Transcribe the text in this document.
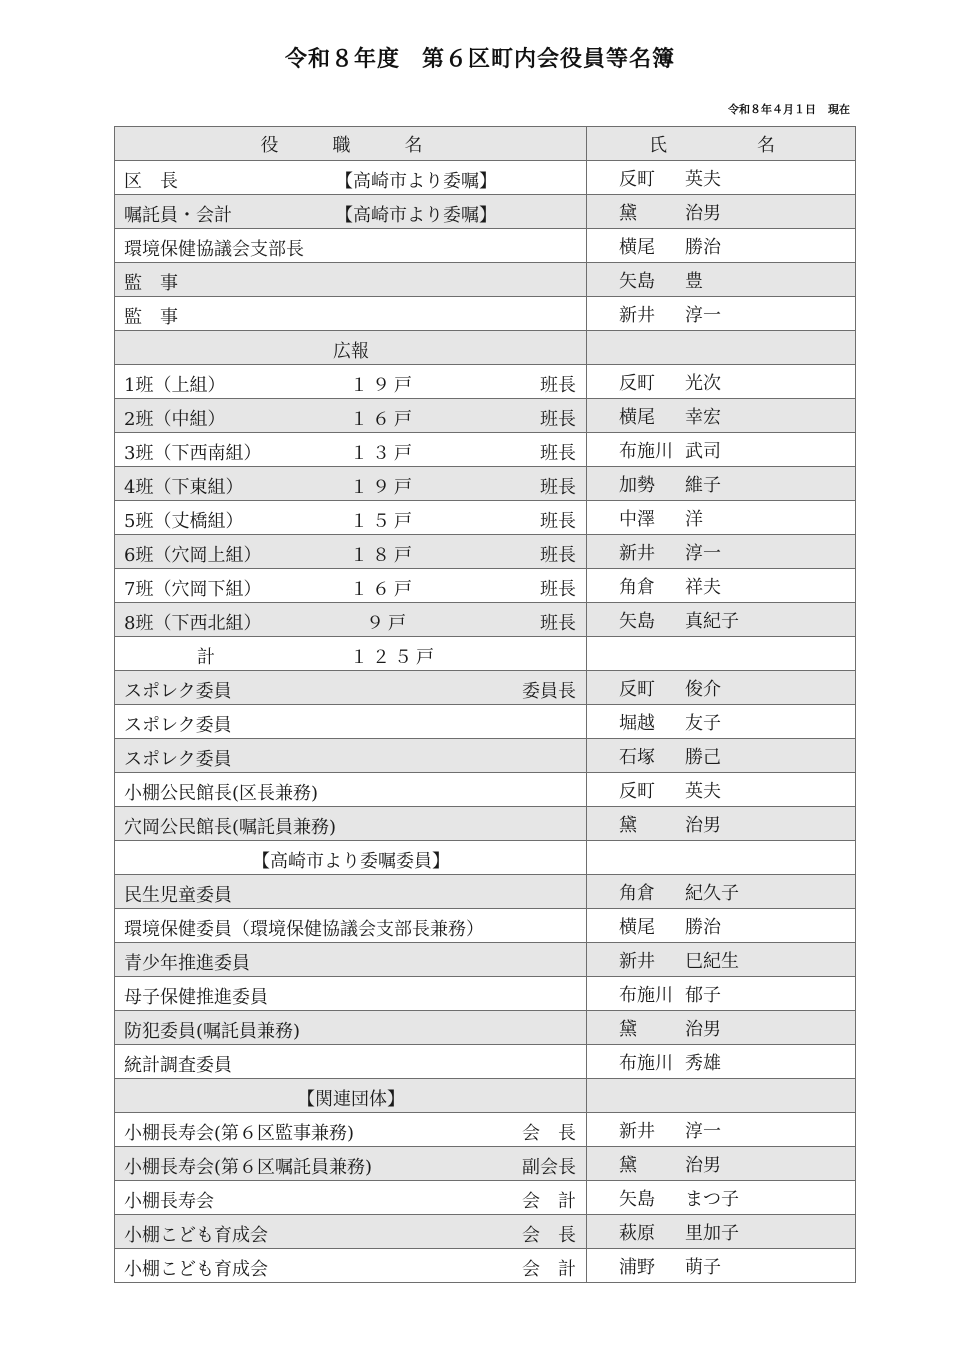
令和８年度 第６区町内会役員等名簿
令和８年４月１日 現在
役　職　名	氏　　名

区　長 【高崎市より委嘱】	反町 英夫

嘱託員・会計 【高崎市より委嘱】	黛 治男

環境保健協議会支部長	横尾 勝治

監　事	矢島 豊

監　事	新井 淳一

広報	

1班（上組） １９戸 班長	反町 光次

2班（中組） １６戸 班長	横尾 幸宏

3班（下西南組） １３戸 班長	布施川 武司

4班（下東組） １９戸 班長	加勢 維子

5班（丈橋組） １５戸 班長	中澤 洋

6班（穴岡上組） １８戸 班長	新井 淳一

7班（穴岡下組） １６戸 班長	角倉 祥夫

8班（下西北組） ９戸 班長	矢島 真紀子

計 １２５戸	

スポレク委員 委員長	反町 俊介

スポレク委員	堀越 友子

スポレク委員	石塚 勝己

小棚公民館長(区長兼務)	反町 英夫

穴岡公民館長(嘱託員兼務)	黛 治男

【高崎市より委嘱委員】	

民生児童委員	角倉 紀久子

環境保健委員（環境保健協議会支部長兼務）	横尾 勝治

青少年推進委員	新井 巳紀生

母子保健推進委員	布施川 郁子

防犯委員(嘱託員兼務)	黛 治男

統計調査委員	布施川 秀雄

【関連団体】	

小棚長寿会(第６区監事兼務) 会　長	新井 淳一

小棚長寿会(第６区嘱託員兼務) 副会長	黛 治男

小棚長寿会 会　計	矢島 まつ子

小棚こども育成会 会　長	萩原 里加子

小棚こども育成会 会　計	浦野 萌子
